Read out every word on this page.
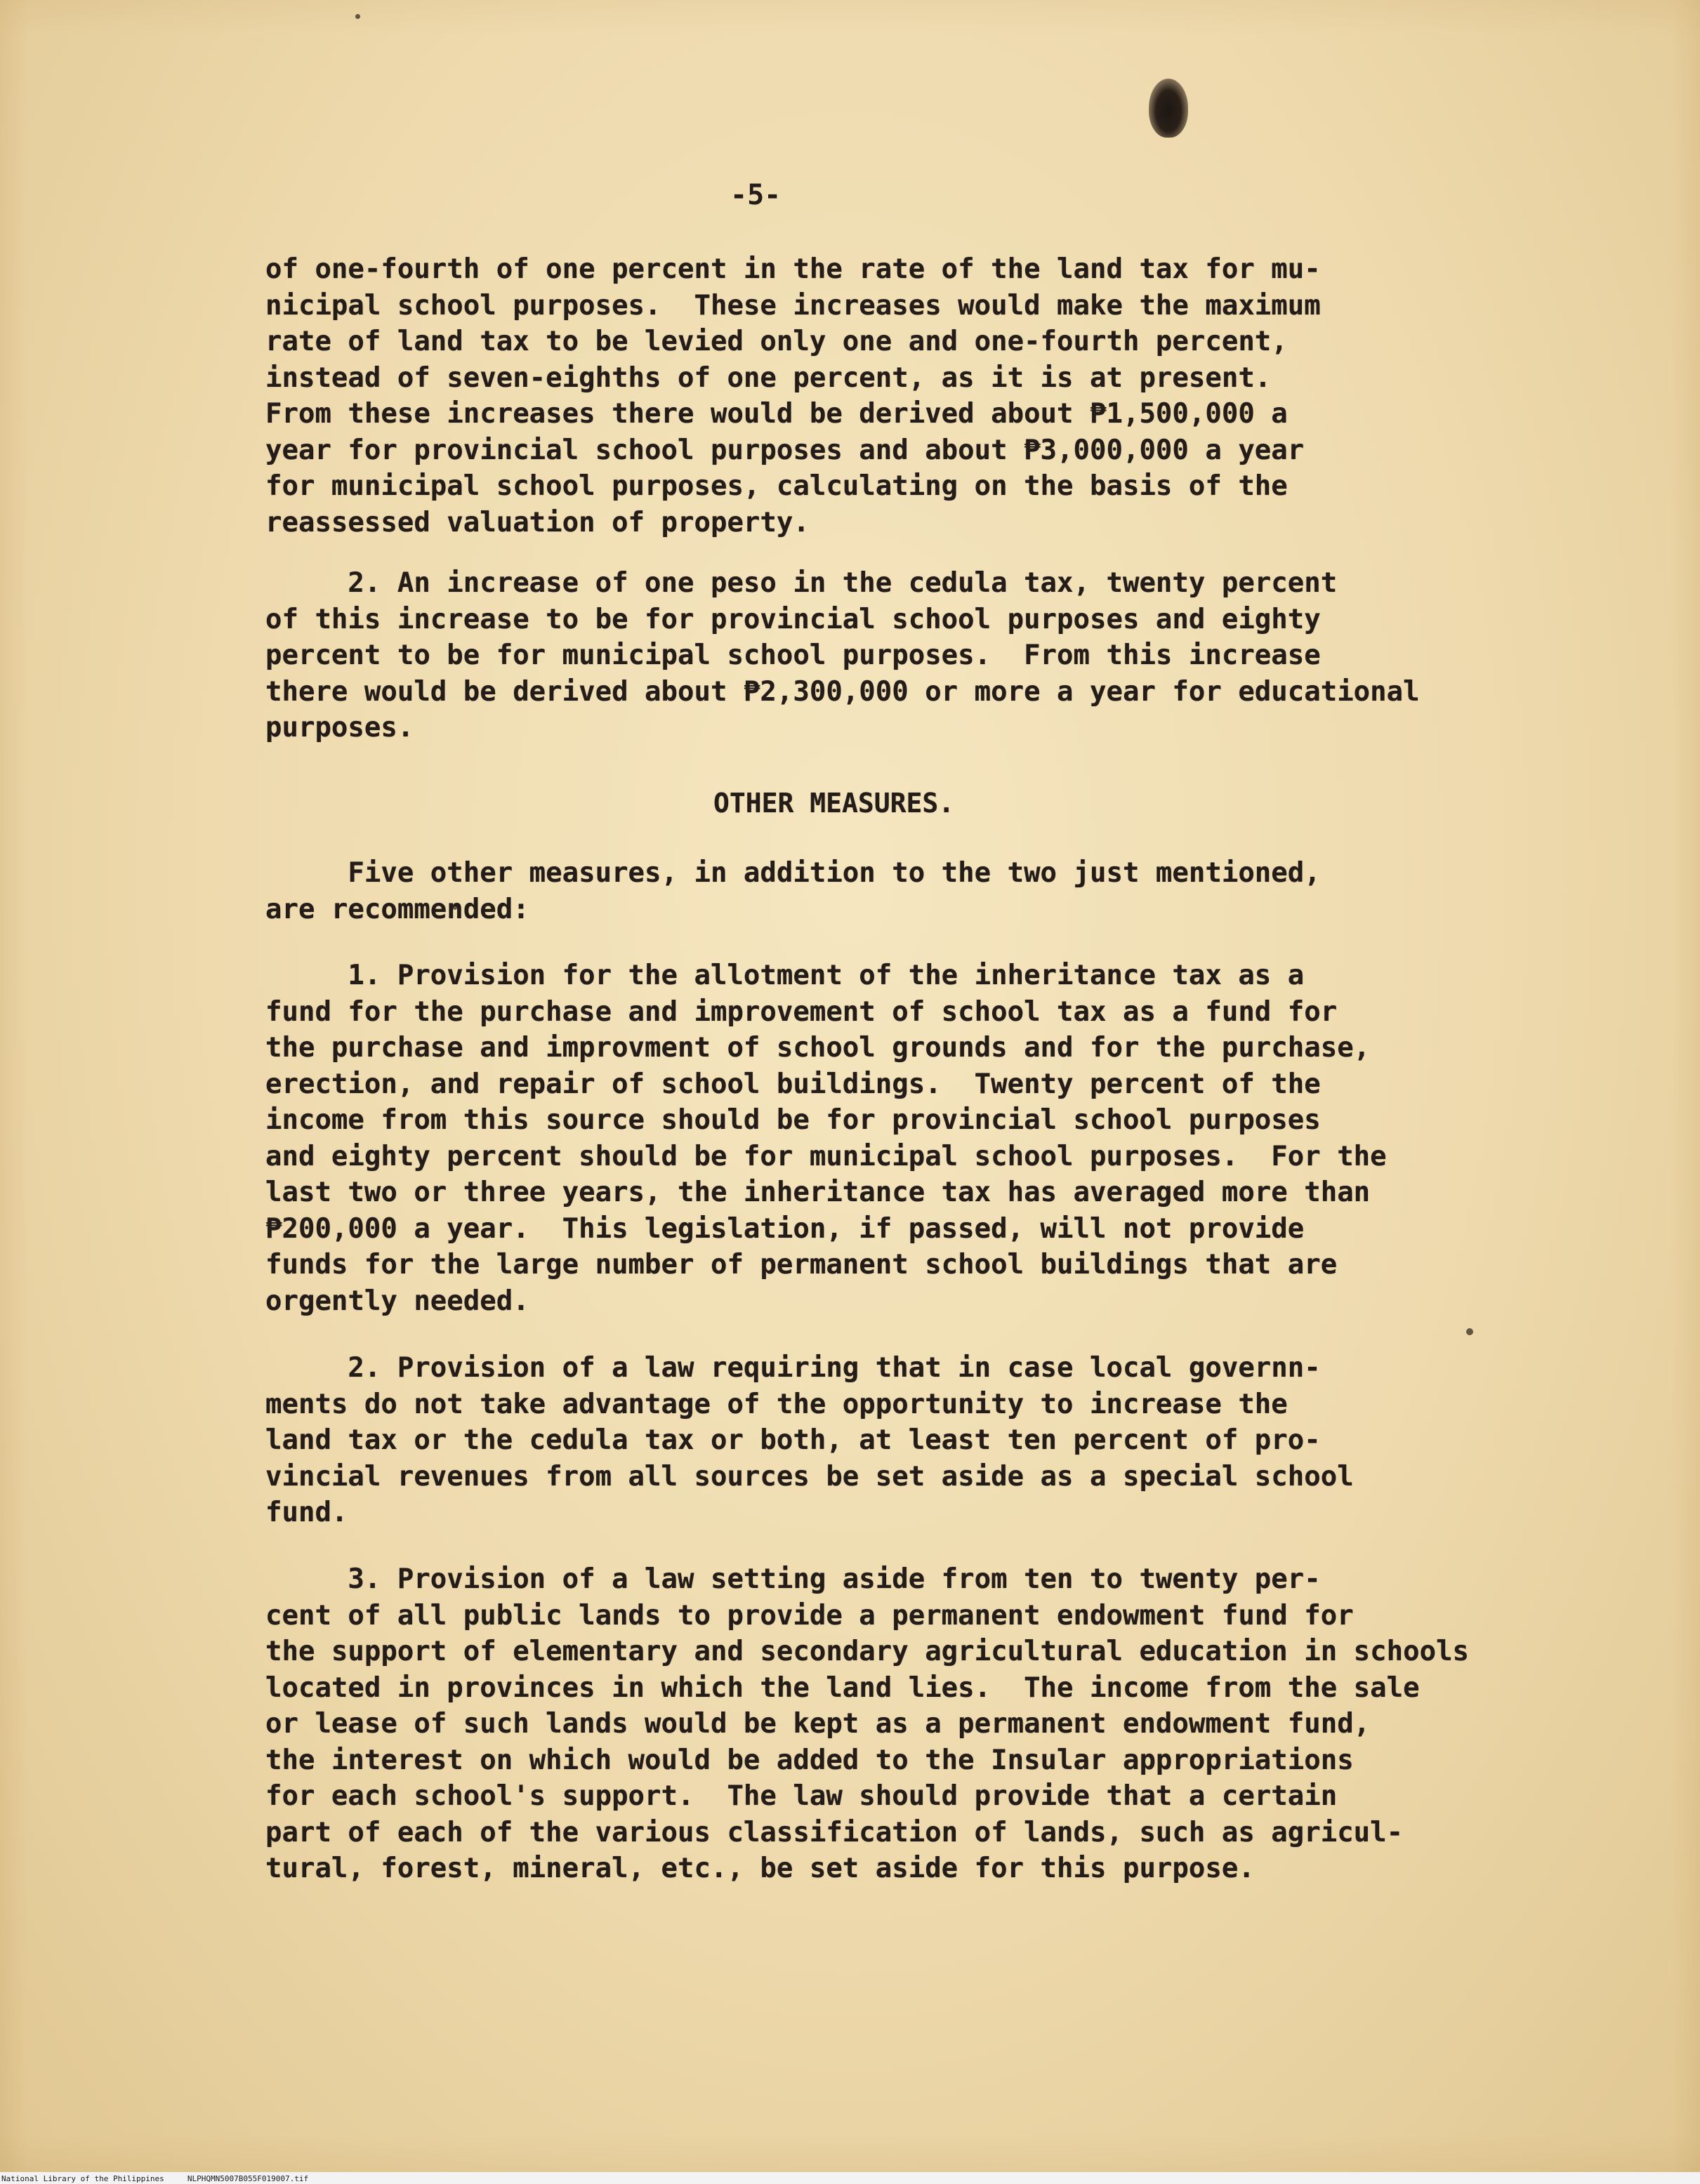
-5-
of one-fourth of one percent in the rate of the land tax for mu-
nicipal school purposes.  These increases would make the maximum
rate of land tax to be levied only one and one-fourth percent,
instead of seven-eighths of one percent, as it is at present.
From these increases there would be derived about ₱1,500,000 a
year for provincial school purposes and about ₱3,000,000 a year
for municipal school purposes, calculating on the basis of the
reassessed valuation of property.
2. An increase of one peso in the cedula tax, twenty percent
of this increase to be for provincial school purposes and eighty
percent to be for municipal school purposes.  From this increase
there would be derived about ₱2,300,000 or more a year for educational
purposes.
OTHER MEASURES.
Five other measures, in addition to the two just mentioned,
are recommended:
1. Provision for the allotment of the inheritance tax as a
fund for the purchase and improvement of school tax as a fund for
the purchase and improvment of school grounds and for the purchase,
erection, and repair of school buildings.  Twenty percent of the
income from this source should be for provincial school purposes
and eighty percent should be for municipal school purposes.  For the
last two or three years, the inheritance tax has averaged more than
₱200,000 a year.  This legislation, if passed, will not provide
funds for the large number of permanent school buildings that are
orgently needed.
2. Provision of a law requiring that in case local governn-
ments do not take advantage of the opportunity to increase the
land tax or the cedula tax or both, at least ten percent of pro-
vincial revenues from all sources be set aside as a special school
fund.
3. Provision of a law setting aside from ten to twenty per-
cent of all public lands to provide a permanent endowment fund for
the support of elementary and secondary agricultural education in schools
located in provinces in which the land lies.  The income from the sale
or lease of such lands would be kept as a permanent endowment fund,
the interest on which would be added to the Insular appropriations
for each school's support.  The law should provide that a certain
part of each of the various classification of lands, such as agricul-
tural, forest, mineral, etc., be set aside for this purpose.
National Library of the Philippines	NLPHQMN5007B055F019007.tif
